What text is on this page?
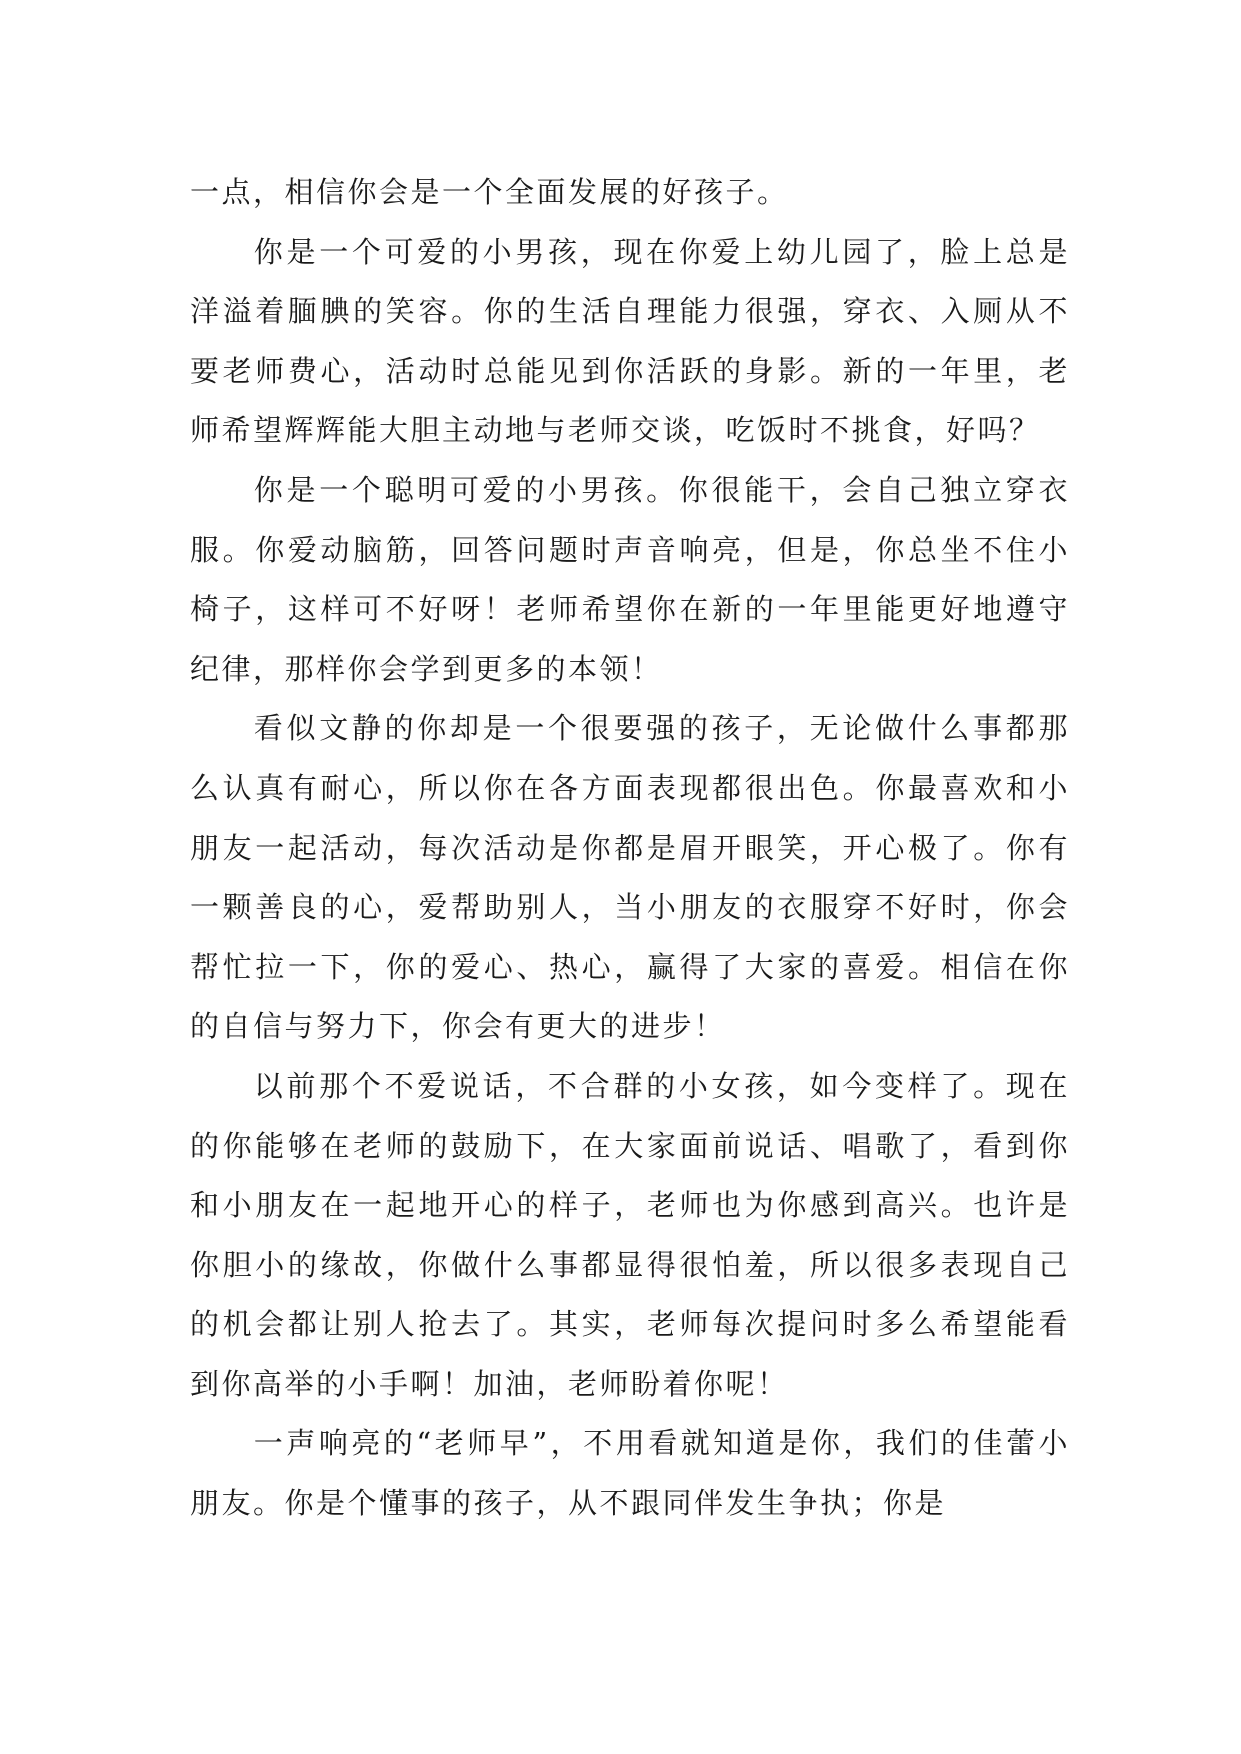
一点，相信你会是一个全面发展的好孩子。

你是一个可爱的小男孩，现在你爱上幼儿园了，脸上总是洋溢着腼腆的笑容。你的生活自理能力很强，穿衣、入厕从不要老师费心，活动时总能见到你活跃的身影。新的一年里，老师希望辉辉能大胆主动地与老师交谈，吃饭时不挑食，好吗？

你是一个聪明可爱的小男孩。你很能干，会自己独立穿衣服。你爱动脑筋，回答问题时声音响亮，但是，你总坐不住小椅子，这样可不好呀！老师希望你在新的一年里能更好地遵守纪律，那样你会学到更多的本领！

看似文静的你却是一个很要强的孩子，无论做什么事都那么认真有耐心，所以你在各方面表现都很出色。你最喜欢和小朋友一起活动，每次活动是你都是眉开眼笑，开心极了。你有一颗善良的心，爱帮助别人，当小朋友的衣服穿不好时，你会帮忙拉一下，你的爱心、热心，赢得了大家的喜爱。相信在你的自信与努力下，你会有更大的进步！

以前那个不爱说话，不合群的小女孩，如今变样了。现在的你能够在老师的鼓励下，在大家面前说话、唱歌了，看到你和小朋友在一起地开心的样子，老师也为你感到高兴。也许是你胆小的缘故，你做什么事都显得很怕羞，所以很多表现自己的机会都让别人抢去了。其实，老师每次提问时多么希望能看到你高举的小手啊！加油，老师盼着你呢！

一声响亮的“老师早”，不用看就知道是你，我们的佳蕾小朋友。你是个懂事的孩子，从不跟同伴发生争执；你是
